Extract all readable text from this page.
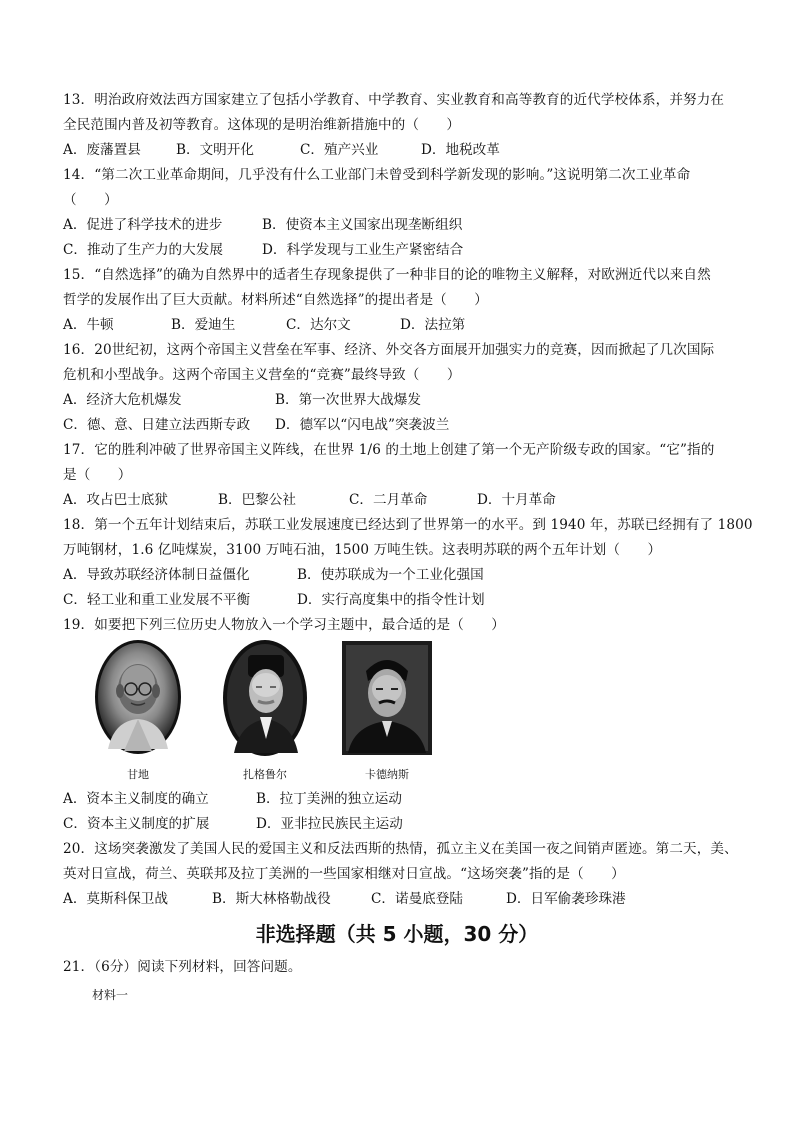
13．明治政府效法西方国家建立了包括小学教育、中学教育、实业教育和高等教育的近代学校体系，并努力在
全民范围内普及初等教育。这体现的是明治维新措施中的（　　）
A．废藩置县	B．文明开化	C．殖产兴业	D．地税改革
14．“第二次工业革命期间，几乎没有什么工业部门未曾受到科学新发现的影响。”这说明第二次工业革命
（　　）
A．促进了科学技术的进步	B．使资本主义国家出现垄断组织
C．推动了生产力的大发展	D．科学发现与工业生产紧密结合
15．“自然选择”的确为自然界中的适者生存现象提供了一种非目的论的唯物主义解释，对欧洲近代以来自然
哲学的发展作出了巨大贡献。材料所述“自然选择”的提出者是（　　）
A．牛顿	B．爱迪生	C．达尔文	D．法拉第
16．20世纪初，这两个帝国主义营垒在军事、经济、外交各方面展开加强实力的竞赛，因而掀起了几次国际
危机和小型战争。这两个帝国主义营垒的“竞赛”最终导致（　　）
A．经济大危机爆发	B．第一次世界大战爆发
C．德、意、日建立法西斯专政 D．德军以“闪电战”突袭波兰
17．它的胜利冲破了世界帝国主义阵线，在世界 1/6 的土地上创建了第一个无产阶级专政的国家。“它”指的
是（　　）
A．攻占巴士底狱	B．巴黎公社	C．二月革命	D．十月革命
18．第一个五年计划结束后，苏联工业发展速度已经达到了世界第一的水平。到 1940 年，苏联已经拥有了 1800
万吨钢材，1.6 亿吨煤炭，3100 万吨石油，1500 万吨生铁。这表明苏联的两个五年计划（　　）
A．导致苏联经济体制日益僵化	B．使苏联成为一个工业化强国
C．轻工业和重工业发展不平衡	D．实行高度集中的指令性计划
19．如要把下列三位历史人物放入一个学习主题中，最合适的是（　　）
甘地	扎格鲁尔	卡德纳斯
A．资本主义制度的确立	B．拉丁美洲的独立运动
C．资本主义制度的扩展	D．亚非拉民族民主运动
20．这场突袭激发了美国人民的爱国主义和反法西斯的热情，孤立主义在美国一夜之间销声匿迹。第二天，美、
英对日宣战，荷兰、英联邦及拉丁美洲的一些国家相继对日宣战。“这场突袭”指的是（　　）
A．莫斯科保卫战	B．斯大林格勒战役	C．诺曼底登陆	D．日军偷袭珍珠港
非选择题（共 5 小题，30 分）
21．（6分）阅读下列材料，回答问题。
材料一
